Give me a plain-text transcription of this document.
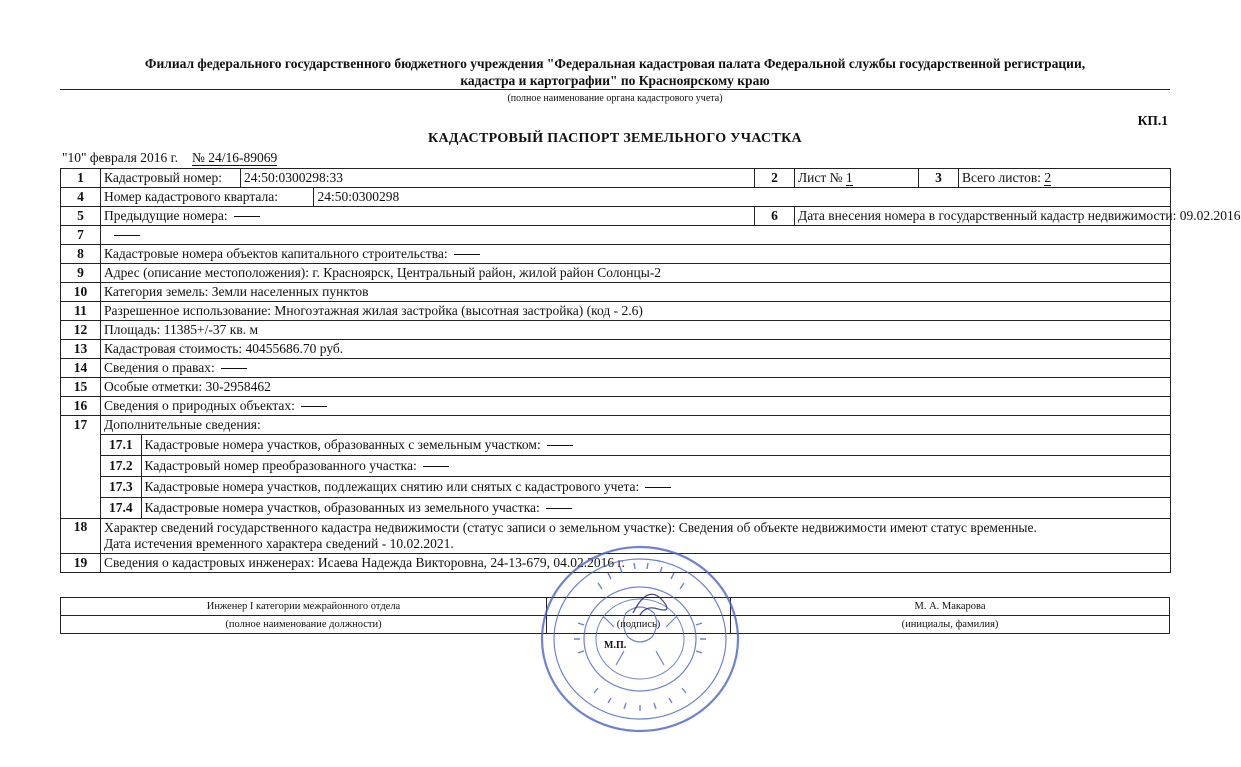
Филиал федерального государственного бюджетного учреждения "Федеральная кадастровая палата Федеральной службы государственной регистрации,
кадастра и картографии" по Красноярскому краю
(полное наименование органа кадастрового учета)
КП.1
КАДАСТРОВЫЙ ПАСПОРТ ЗЕМЕЛЬНОГО УЧАСТКА
"10" февраля 2016 г. № 24/16-89069
1	Кадастровый номер:	24:50:0300298:33	2	Лист № 1	3	Всего листов: 2
4	Номер кадастрового квартала:	24:50:0300298

5	Предыдущие номера:	6	Дата внесения номера в государственный кадастр недвижимости: 09.02.2016
7	
8	Кадастровые номера объектов капитального строительства:
9	Адрес (описание местоположения): г. Красноярск, Центральный район, жилой район Солонцы-2
10	Категория земель: Земли населенных пунктов
11	Разрешенное использование: Многоэтажная жилая застройка (высотная застройка) (код - 2.6)
12	Площадь: 11385+/-37 кв. м
13	Кадастровая стоимость: 40455686.70 руб.
14	Сведения о правах:
15	Особые отметки: 30-2958462
16	Сведения о природных объектах:
17	Дополнительные сведения:

17.1	Кадастровые номера участков, образованных с земельным участком:

17.2	Кадастровый номер преобразованного участка:

17.3	Кадастровые номера участков, подлежащих снятию или снятых с кадастрового учета:

17.4	Кадастровые номера участков, образованных из земельного участка:

18	Характер сведений государственного кадастра недвижимости (статус записи о земельном участке): Сведения об объекте недвижимости имеют статус временные.
Дата истечения временного характера сведений - 10.02.2021.

19	Сведения о кадастровых инженерах: Исаева Надежда Викторовна, 24-13-679, 04.02.2016 г.
Инженер I категории межрайонного отдела		М. А. Макарова
(полное наименование должности)	(подпись)	(инициалы, фамилия)
М.П.
